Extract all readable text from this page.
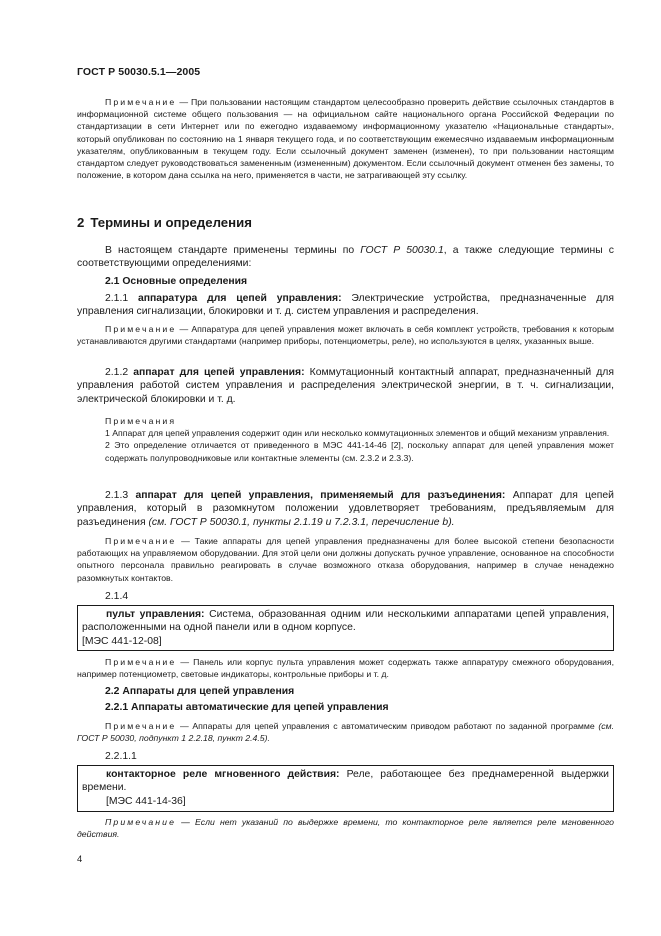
ГОСТ Р 50030.5.1—2005
Примечание — При пользовании настоящим стандартом целесообразно проверить действие ссылочных стандартов в информационной системе общего пользования — на официальном сайте национального органа Российской Федерации по стандартизации в сети Интернет или по ежегодно издаваемому информационному указателю «Национальные стандарты», который опубликован по состоянию на 1 января текущего года, и по соответствующим ежемесячно издаваемым информационным указателям, опубликованным в текущем году. Если ссылочный документ заменен (изменен), то при пользовании настоящим стандартом следует руководствоваться замененным (измененным) документом. Если ссылочный документ отменен без замены, то положение, в котором дана ссылка на него, применяется в части, не затрагивающей эту ссылку.
2 Термины и определения
В настоящем стандарте применены термины по ГОСТ Р 50030.1, а также следующие термины с соответствующими определениями:
2.1 Основные определения
2.1.1 аппаратура для цепей управления: Электрические устройства, предназначенные для управления сигнализации, блокировки и т. д. систем управления и распределения.
Примечание — Аппаратура для цепей управления может включать в себя комплект устройств, требования к которым устанавливаются другими стандартами (например приборы, потенциометры, реле), но используются в целях, указанных выше.
2.1.2 аппарат для цепей управления: Коммутационный контактный аппарат, предназначенный для управления работой систем управления и распределения электрической энергии, в т. ч. сигнализации, электрической блокировки и т. д.
Примечания
1 Аппарат для цепей управления содержит один или несколько коммутационных элементов и общий механизм управления.
2 Это определение отличается от приведенного в МЭС 441-14-46 [2], поскольку аппарат для цепей управления может содержать полупроводниковые или контактные элементы (см. 2.3.2 и 2.3.3).
2.1.3 аппарат для цепей управления, применяемый для разъединения: Аппарат для цепей управления, который в разомкнутом положении удовлетворяет требованиям, предъявляемым для разъединения (см. ГОСТ Р 50030.1, пункты 2.1.19 и 7.2.3.1, перечисление b).
Примечание — Такие аппараты для цепей управления предназначены для более высокой степени безопасности работающих на управляемом оборудовании. Для этой цели они должны допускать ручное управление, основанное на способности опытного персонала правильно реагировать в случае возможного отказа оборудования, например в случае ненадежно разомкнутых контактов.
2.1.4
пульт управления: Система, образованная одним или несколькими аппаратами цепей управления, расположенными на одной панели или в одном корпусе.
[МЭС 441-12-08]
Примечание — Панель или корпус пульта управления может содержать также аппаратуру смежного оборудования, например потенциометр, световые индикаторы, контрольные приборы и т. д.
2.2 Аппараты для цепей управления
2.2.1 Аппараты автоматические для цепей управления
Примечание — Аппараты для цепей управления с автоматическим приводом работают по заданной программе (см. ГОСТ Р 50030, подпункт 1 2.2.18, пункт 2.4.5).
2.2.1.1
контакторное реле мгновенного действия: Реле, работающее без преднамеренной выдержки времени.
[МЭС 441-14-36]
Примечание — Если нет указаний по выдержке времени, то контакторное реле является реле мгновенного действия.
4
